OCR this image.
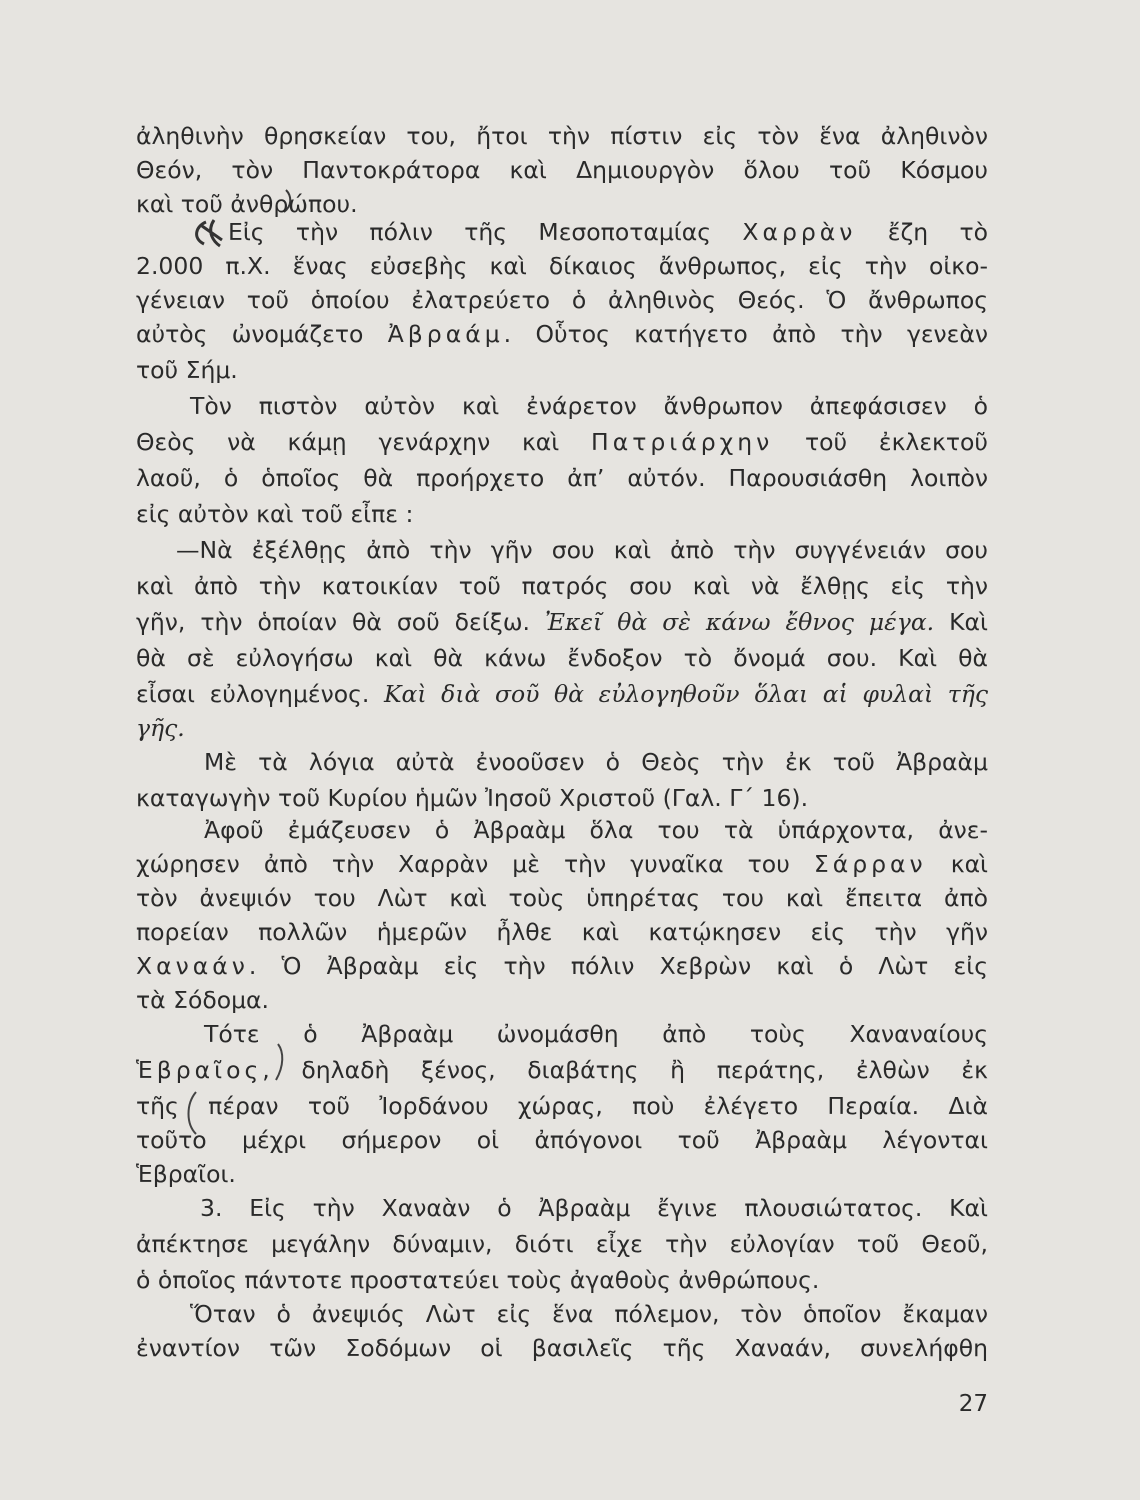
ἀληθινὴν θρησκείαν του, ἤτοι τὴν πίστιν εἰς τὸν ἕνα ἀληθινὸν
Θεόν, τὸν Παντοκράτορα καὶ Δημιουργὸν ὅλου τοῦ Κόσμου
καὶ τοῦ ἀνθρώπου.
Εἰς τὴν πόλιν τῆς Μεσοποταμίας Χαρρὰν ἔζη τὸ
2.000 π.Χ. ἕνας εὐσεβὴς καὶ δίκαιος ἄνθρωπος, εἰς τὴν οἰκο-
γένειαν τοῦ ὁποίου ἐλατρεύετο ὁ ἀληθινὸς Θεός. Ὁ ἄνθρωπος
αὐτὸς ὠνομάζετο Ἀβραάμ. Οὗτος κατήγετο ἀπὸ τὴν γενεὰν
τοῦ Σήμ.
Τὸν πιστὸν αὐτὸν καὶ ἐνάρετον ἄνθρωπον ἀπεφάσισεν ὁ
Θεὸς νὰ κάμῃ γενάρχην καὶ Πατριάρχην τοῦ ἐκλεκτοῦ
λαοῦ, ὁ ὁποῖος θὰ προήρχετο ἀπ’ αὐτόν. Παρουσιάσθη λοιπὸν
εἰς αὐτὸν καὶ τοῦ εἶπε :
—Νὰ ἐξέλθῃς ἀπὸ τὴν γῆν σου καὶ ἀπὸ τὴν συγγένειάν σου
καὶ ἀπὸ τὴν κατοικίαν τοῦ πατρός σου καὶ νὰ ἔλθῃς εἰς τὴν
γῆν, τὴν ὁποίαν θὰ σοῦ δείξω. Ἐκεῖ θὰ σὲ κάνω ἔθνος μέγα. Καὶ
θὰ σὲ εὐλογήσω καὶ θὰ κάνω ἔνδοξον τὸ ὄνομά σου. Καὶ θὰ
εἶσαι εὐλογημένος. Καὶ διὰ σοῦ θὰ εὐλογηθοῦν ὅλαι αἱ φυλαὶ τῆς
γῆς.
Μὲ τὰ λόγια αὐτὰ ἐνοοῦσεν ὁ Θεὸς τὴν ἐκ τοῦ Ἀβραὰμ
καταγωγὴν τοῦ Κυρίου ἡμῶν Ἰησοῦ Χριστοῦ (Γαλ. Γ΄ 16).
Ἀφοῦ ἐμάζευσεν ὁ Ἀβραὰμ ὅλα του τὰ ὑπάρχοντα, ἀνε-
χώρησεν ἀπὸ τὴν Χαρρὰν μὲ τὴν γυναῖκα του Σάρραν καὶ
τὸν ἀνεψιόν του Λὼτ καὶ τοὺς ὑπηρέτας του καὶ ἔπειτα ἀπὸ
πορείαν πολλῶν ἡμερῶν ἦλθε καὶ κατῴκησεν εἰς τὴν γῆν
Χαναάν. Ὁ Ἀβραὰμ εἰς τὴν πόλιν Χεβρὼν καὶ ὁ Λὼτ εἰς
τὰ Σόδομα.
Τότε ὁ Ἀβραὰμ ὠνομάσθη ἀπὸ τοὺς Χαναναίους
Ἑβραῖος, δηλαδὴ ξένος, διαβάτης ἢ περάτης, ἐλθὼν ἐκ
τῆς πέραν τοῦ Ἰορδάνου χώρας, ποὺ ἐλέγετο Περαία. Διὰ
τοῦτο μέχρι σήμερον οἱ ἀπόγονοι τοῦ Ἀβραὰμ λέγονται
Ἑβραῖοι.
3. Εἰς τὴν Χαναὰν ὁ Ἀβραὰμ ἔγινε πλουσιώτατος. Καὶ
ἀπέκτησε μεγάλην δύναμιν, διότι εἶχε τὴν εὐλογίαν τοῦ Θεοῦ,
ὁ ὁποῖος πάντοτε προστατεύει τοὺς ἀγαθοὺς ἀνθρώπους.
Ὅταν ὁ ἀνεψιός Λὼτ εἰς ἕνα πόλεμον, τὸν ὁποῖον ἔκαμαν
ἐναντίον τῶν Σοδόμων οἱ βασιλεῖς τῆς Χαναάν, συνελήφθη
27
